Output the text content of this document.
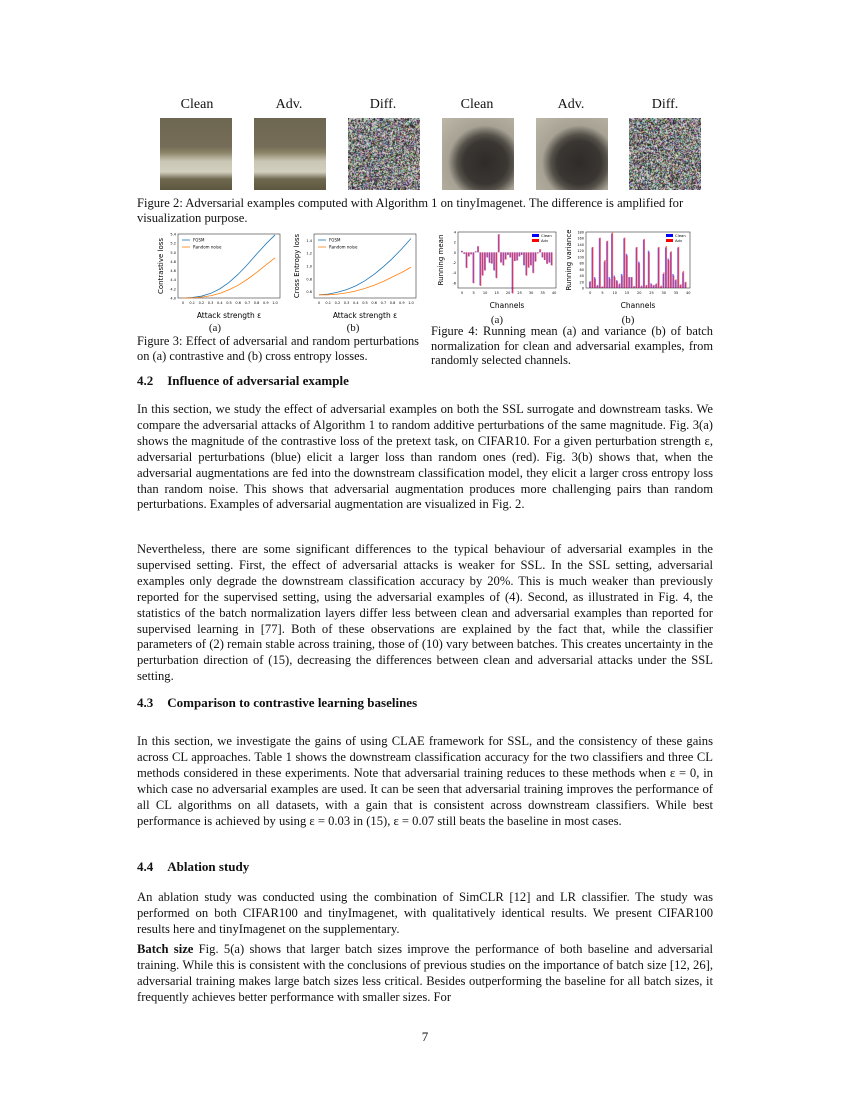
Clean	Adv.	Diff.	Clean	Adv.	Diff.
Figure 2: Adversarial examples computed with Algorithm 1 on tinyImagenet. The difference is amplified for visualization purpose.
Contrastive loss
Attack strength ε
4.0
4.2
4.4
4.6
4.8
5.0
5.2
5.4
0 0.1 0.2 0.3 0.4 0.5 0.6 0.7 0.8 0.9 1.0
FGSM
Random noise	Cross Entropy loss
Attack strength ε
0.6
0.8
1.0
1.2
1.4
0 0.1 0.2 0.3 0.4 0.5 0.6 0.7 0.8 0.9 1.0
FGSM
Random noise
(a)	(b)
Figure 3: Effect of adversarial and random perturbations on (a) contrastive and (b) cross entropy losses.
Running mean
Channels
-6
-4
-2
0
2
4
0	5 10 15 20 25 30 35 40
Clean
Adv Running variance
Channels
0
20
40
60
80
100
120
140
160
180
0	5	10 15 20 25 30 35 40
Clean
Adv
(a)	(b)
Figure 4: Running mean (a) and variance (b) of batch normalization for clean and adversarial examples, from randomly selected channels.
4.2 Influence of adversarial example

In this section, we study the effect of adversarial examples on both the SSL surrogate and downstream tasks. We compare the adversarial attacks of Algorithm 1 to random additive perturbations of the same magnitude. Fig. 3(a) shows the magnitude of the contrastive loss of the pretext task, on CIFAR10. For a given perturbation strength ε, adversarial perturbations (blue) elicit a larger loss than random ones (red). Fig. 3(b) shows that, when the adversarial augmentations are fed into the downstream classification model, they elicit a larger cross entropy loss than random noise. This shows that adversarial augmentation produces more challenging pairs than random perturbations. Examples of adversarial augmentation are visualized in Fig. 2.

Nevertheless, there are some significant differences to the typical behaviour of adversarial examples in the supervised setting. First, the effect of adversarial attacks is weaker for SSL. In the SSL setting, adversarial examples only degrade the downstream classification accuracy by 20%. This is much weaker than previously reported for the supervised setting, using the adversarial examples of (4). Second, as illustrated in Fig. 4, the statistics of the batch normalization layers differ less between clean and adversarial examples than reported for supervised learning in [77]. Both of these observations are explained by the fact that, while the classifier parameters of (2) remain stable across training, those of (10) vary between batches. This creates uncertainty in the perturbation direction of (15), decreasing the differences between clean and adversarial attacks under the SSL setting.

4.3 Comparison to contrastive learning baselines

In this section, we investigate the gains of using CLAE framework for SSL, and the consistency of these gains across CL approaches. Table 1 shows the downstream classification accuracy for the two classifiers and three CL methods considered in these experiments. Note that adversarial training reduces to these methods when ε = 0, in which case no adversarial examples are used. It can be seen that adversarial training improves the performance of all CL algorithms on all datasets, with a gain that is consistent across downstream classifiers. While best performance is achieved by using ε = 0.03 in (15), ε = 0.07 still beats the baseline in most cases.

4.4 Ablation study

An ablation study was conducted using the combination of SimCLR [12] and LR classifier. The study was performed on both CIFAR100 and tinyImagenet, with qualitatively identical results. We present CIFAR100 results here and tinyImagenet on the supplementary.

Batch size Fig. 5(a) shows that larger batch sizes improve the performance of both baseline and adversarial training. While this is consistent with the conclusions of previous studies on the importance of batch size [12, 26], adversarial training makes large batch sizes less critical. Besides outperforming the baseline for all batch sizes, it frequently achieves better performance with smaller sizes. For

7
